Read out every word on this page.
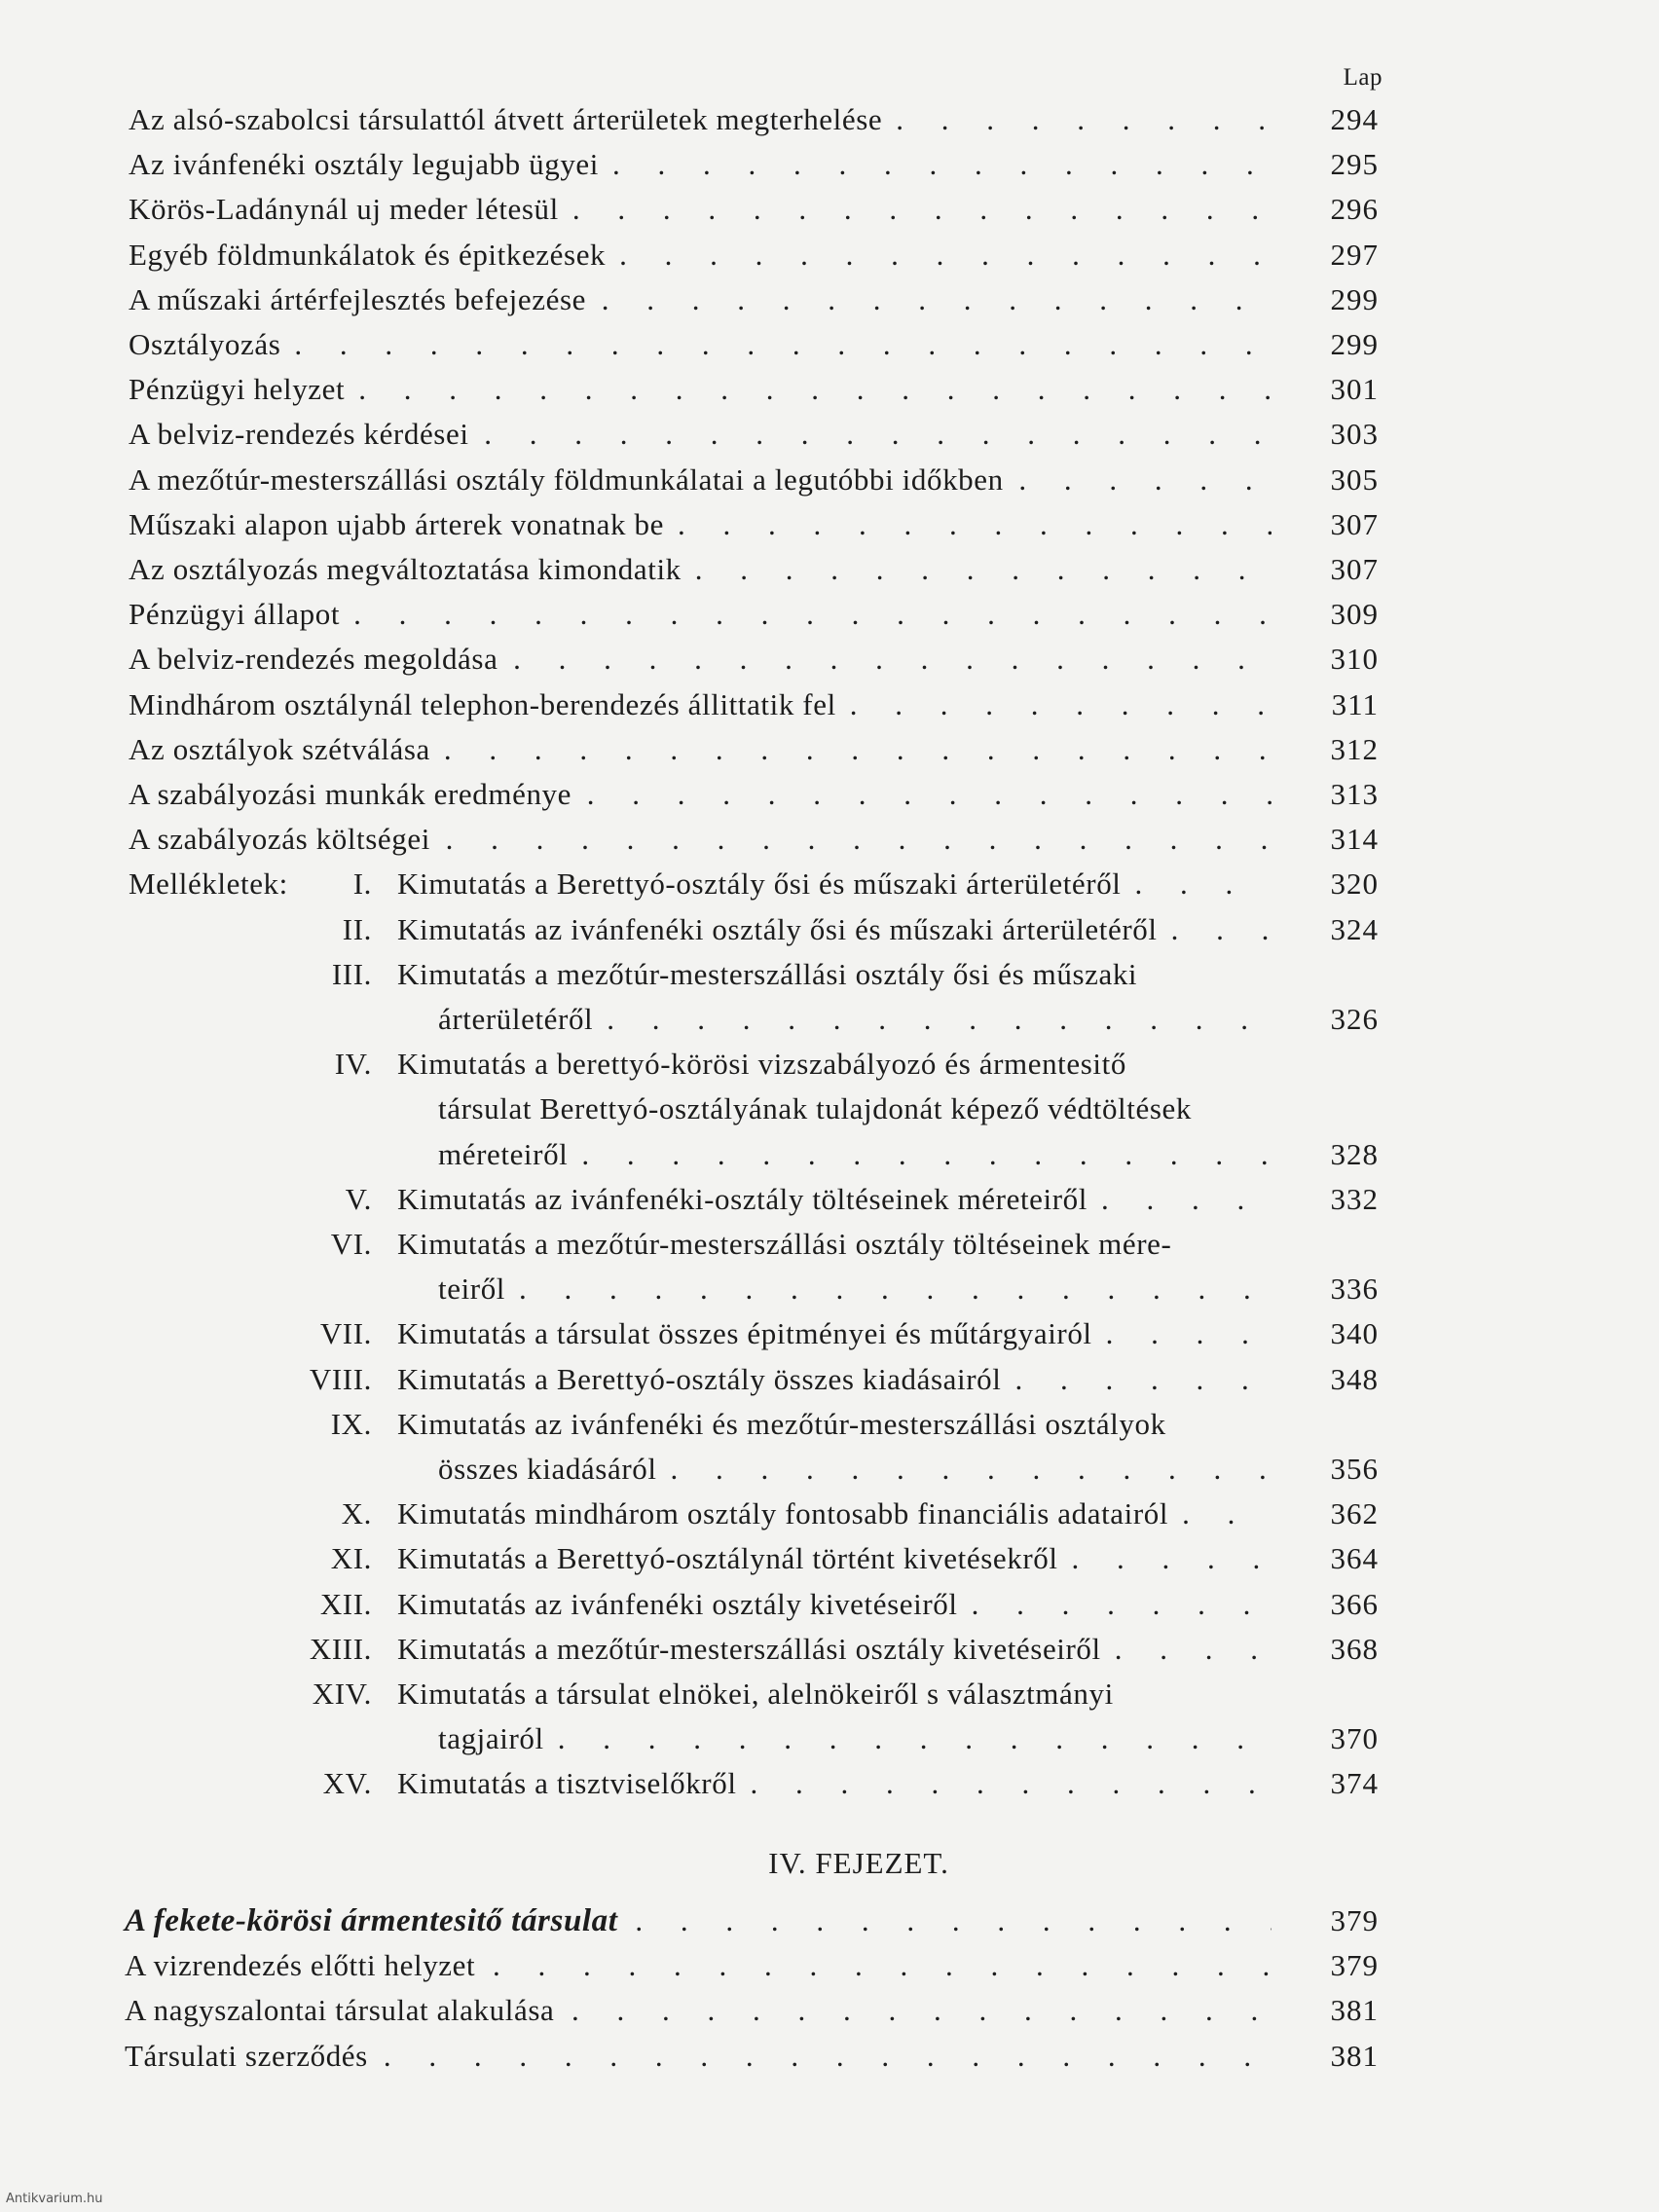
Lap
Az alsó-szabolcsi társulattól átvett árterületek megterhelése .	294
Az ivánfenéki osztály legujabb ügyei .	295
Körös-Ladánynál uj meder létesül .	296
Egyéb földmunkálatok és épitkezések .	297
A műszaki ártérfejlesztés befejezése .	299
Osztályozás .	299
Pénzügyi helyzet .	301
A belviz-rendezés kérdései .	303
A mezőtúr-mesterszállási osztály földmunkálatai a legutóbbi időkben .	305
Műszaki alapon ujabb árterek vonatnak be .	307
Az osztályozás megváltoztatása kimondatik .	307
Pénzügyi állapot .	309
A belviz-rendezés megoldása .	310
Mindhárom osztálynál telephon-berendezés állittatik fel .	311
Az osztályok szétválása .	312
A szabályozási munkák eredménye .	313
A szabályozás költségei .	314
Mellékletek:	I. Kimutatás a Berettyó-osztály ősi és műszaki árterületéről .	320
II. Kimutatás az ivánfenéki osztály ősi és műszaki árterületéről .	324
III. Kimutatás a mezőtúr-mesterszállási osztály ősi és műszaki
árterületéről .	326
IV. Kimutatás a berettyó-körösi vizszabályozó és ármentesitő
társulat Berettyó-osztályának tulajdonát képező védtöltések
méreteiről .	328
V. Kimutatás az ivánfenéki-osztály töltéseinek méreteiről .	332
VI. Kimutatás a mezőtúr-mesterszállási osztály töltéseinek mére-
teiről .	336
VII. Kimutatás a társulat összes épitményei és műtárgyairól .	340
VIII. Kimutatás a Berettyó-osztály összes kiadásairól .	348
IX. Kimutatás az ivánfenéki és mezőtúr-mesterszállási osztályok
összes kiadásáról .	356
X. Kimutatás mindhárom osztály fontosabb financiális adatairól .	362
XI. Kimutatás a Berettyó-osztálynál történt kivetésekről .	364
XII. Kimutatás az ivánfenéki osztály kivetéseiről .	366
XIII. Kimutatás a mezőtúr-mesterszállási osztály kivetéseiről .	368
XIV. Kimutatás a társulat elnökei, alelnökeiről s választmányi
tagjairól .	370
XV. Kimutatás a tisztviselőkről .	374
IV. FEJEZET.
A fekete-körösi ármentesitő társulat .	379
A vizrendezés előtti helyzet .	379
A nagyszalontai társulat alakulása .	381
Társulati szerződés .	381
Antikvarium.hu
